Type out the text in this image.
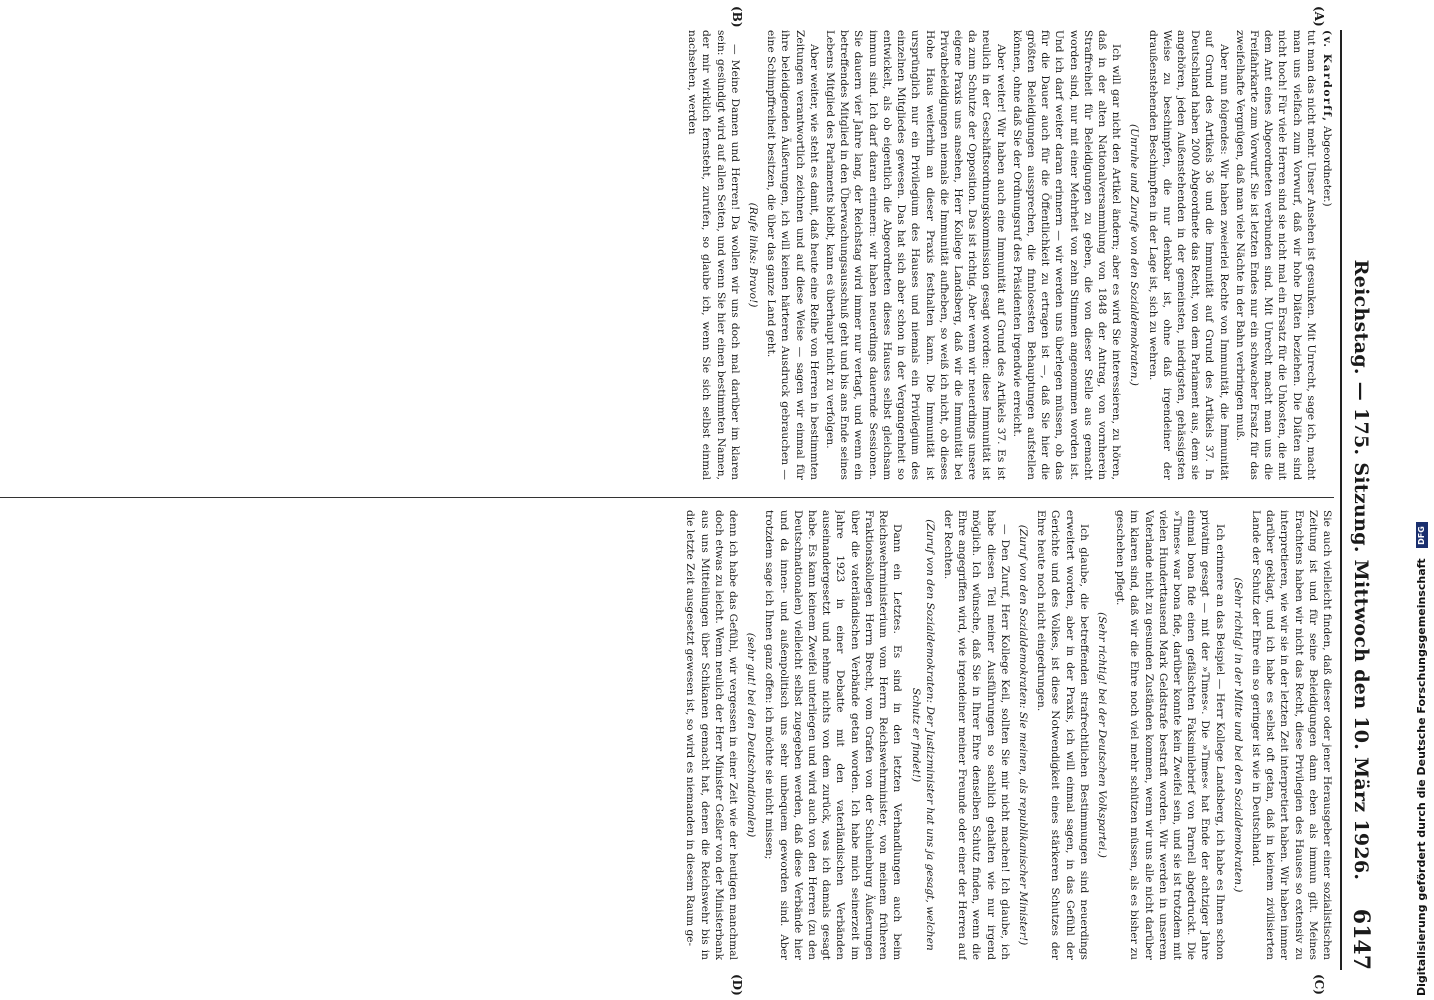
Reichstag. — 175. Sitzung. Mittwoch den 10. März 1926.
6147
(A)
(B)
(C)
(D)

(v. Kardorff, Abgeordneter.)

tut man das nicht mehr. Unser Ansehen ist gesunken. Mit Unrecht, sage ich, macht man uns vielfach zum Vorwurf, daß wir hohe Diäten beziehen. Die Diäten sind nicht hoch! Für viele Herren sind sie nicht mal ein Ersatz für die Unkosten, die mit dem Amt eines Abgeordneten verbunden sind. Mit Unrecht macht man uns die Freifahrkarte zum Vorwurf. Sie ist letzten Endes nur ein schwacher Ersatz für das zweifelhafte Vergnügen, daß man viele Nächte in der Bahn verbringen muß.

Aber nun folgendes: Wir haben zweierlei Rechte von Immunität, die Immunität auf Grund des Artikels 36 und die Immunität auf Grund des Artikels 37. In Deutschland haben 2000 Abgeordnete das Recht, von dem Parlament aus, dem sie angehören, jeden Außenstehenden in der gemeinsten, niedrigsten, gehässigsten Weise zu beschimpfen, die nur denkbar ist, ohne daß irgendeiner der draußenstehenden Beschimpften in der Lage ist, sich zu wehren.

(Unruhe und Zurufe von den Sozialdemokraten.)

Ich will gar nicht den Artikel ändern; aber es wird Sie interessieren, zu hören, daß in der alten Nationalversammlung von 1848 der Antrag, von vornherein Straffreiheit für Beleidigungen zu geben, die von dieser Stelle aus gemacht worden sind, nur mit einer Mehrheit von zehn Stimmen angenommen worden ist. Und ich darf weiter daran erinnern — wir werden uns überlegen müssen, ob das für die Dauer auch für die Öffentlichkeit zu ertragen ist —, daß Sie hier die größten Beleidigungen aussprechen, die finnlosesten Behauptungen aufstellen können, ohne daß Sie der Ordnungsruf des Präsidenten irgendwie erreicht.

Aber weiter! Wir haben auch eine Immunität auf Grund des Artikels 37. Es ist neulich in der Geschäftsordnungskommission gesagt worden: diese Immunität ist da zum Schutze der Opposition. Das ist richtig. Aber wenn wir neuerdings unsere eigene Praxis uns ansehen, Herr Kollege Landsberg, daß wir die Immunität bei Privatbeleidigungen niemals die Immunität aufheben, so weiß ich nicht, ob dieses Hohe Haus weiterhin an dieser Praxis festhalten kann. Die Immunität ist ursprünglich nur ein Privilegium des Hauses und niemals ein Privilegium des einzelnen Mitgliedes gewesen. Das hat sich aber schon in der Vergangenheit so entwickelt, als ob eigentlich die Abgeordneten dieses Hauses selbst gleichsam immun sind. Ich darf daran erinnern: wir haben neuerdings dauernde Sessionen. Sie dauern vier Jahre lang, der Reichstag wird immer nur vertagt, und wenn ein betreffendes Mitglied in den Überwachungsausschuß geht und bis ans Ende seines Lebens Mitglied des Parlaments bleibt, kann es überhaupt nicht zu verfolgen.

Aber weiter, wie steht es damit, daß heute eine Reihe von Herren in bestimmten Zeitungen verantwortlich zeichnen und auf diese Weise — sagen wir einmal für ihre beleidigenden Äußerungen, ich will keinen härteren Ausdruck gebrauchen — eine Schimpffreiheit besitzen, die über das ganze Land geht.

(Rufe links: Bravo!)

— Meine Damen und Herren! Da wollen wir uns doch mal darüber im klaren sein: gesündigt wird auf allen Seiten, und wenn Sie hier einen bestimmten Namen, der mir wirklich fernsteht, zurufen, so glaube ich, wenn Sie sich selbst einmal nachsehen, werden

Sie auch vielleicht finden, daß dieser oder jener Herausgeber einer sozialistischen Zeitung ist und für seine Beleidigungen dann eben als immun gilt. Meines Erachtens haben wir nicht das Recht, diese Privilegien des Hauses so extensiv zu interpretieren, wie wir sie in der letzten Zeit interpretiert haben. Wir haben immer darüber geklagt, und ich habe es selbst oft getan, daß in keinem zivilisierten Lande der Schutz der Ehre ein so geringer ist wie in Deutschland.

(Sehr richtig! in der Mitte und bei den Sozialdemokraten.)

Ich erinnere an das Beispiel — Herr Kollege Landsberg, ich habe es Ihnen schon privatim gesagt — mit der »Times«. Die »Times« hat Ende der achtziger Jahre einmal bona fide einen gefälschten Faksimilebrief von Parnell abgedruckt. Die »Times« war bona fide, darüber konnte kein Zweifel sein, und sie ist trotzdem mit vielen Hunderttausend Mark Geldstrafe bestraft worden. Wir werden in unserem Vaterlande nicht zu gesunden Zuständen kommen, wenn wir uns alle nicht darüber im klaren sind, daß wir die Ehre noch viel mehr schützen müssen, als es bisher zu geschehen pflegt.

(Sehr richtig! bei der Deutschen Volkspartei.)

Ich glaube, die betreffenden strafrechtlichen Bestimmungen sind neuerdings erweitert worden, aber in der Praxis, ich will einmal sagen, in das Gefühl der Gerichte und des Volkes, ist diese Notwendigkeit eines stärkeren Schutzes der Ehre heute noch nicht eingedrungen.

(Zuruf von den Sozialdemokraten: Sie meinen, als republikanischer Minister!)

— Den Zuruf, Herr Kollege Keil, sollten Sie mir nicht machen! Ich glaube, ich habe diesen Teil meiner Ausführungen so sachlich gehalten wie nur irgend möglich. Ich wünsche, daß Sie in Ihrer Ehre denselben Schutz finden, wenn die Ehre angegriffen wird, wie irgendeiner meiner Freunde oder einer der Herren auf der Rechten.

(Zuruf von den Sozialdemokraten: Der Justizminister hat uns ja gesagt, welchen Schutz er findet!)

Dann ein Letztes. Es sind in den letzten Verhandlungen auch beim Reichswehrministerium vom Herrn Reichswehrminister, von meinem früheren Fraktionskollegen Herrn Brecht, vom Grafen von der Schulenburg Äußerungen über die vaterländischen Verbände getan worden. Ich habe mich seinerzeit im Jahre 1923 in einer Debatte mit den vaterländischen Verbänden auseinandergesetzt und nehme nichts von dem zurück, was ich damals gesagt habe. Es kann keinem Zweifel unterliegen und wird auch von den Herren (zu den Deutschnationalen) vielleicht selbst zugegeben werden, daß diese Verbände hier und da innen- und außenpolitisch uns sehr unbequem geworden sind. Aber trotzdem sage ich Ihnen ganz offen: ich möchte sie nicht missen;

(sehr gut! bei den Deutschnationalen)

denn ich habe das Gefühl, wir vergessen in einer Zeit wie der heutigen manchmal doch etwas zu leicht. Wenn neulich der Herr Minister Geßler von der Ministerbank aus uns Mitteilungen über Schikanen gemacht hat, denen die Reichswehr bis in die letzte Zeit ausgesetzt gewesen ist, so wird es niemanden in diesem Raum ge-	Digitalisierung gefördert durch die Deutsche Forschungsgemeinschaft DFG
